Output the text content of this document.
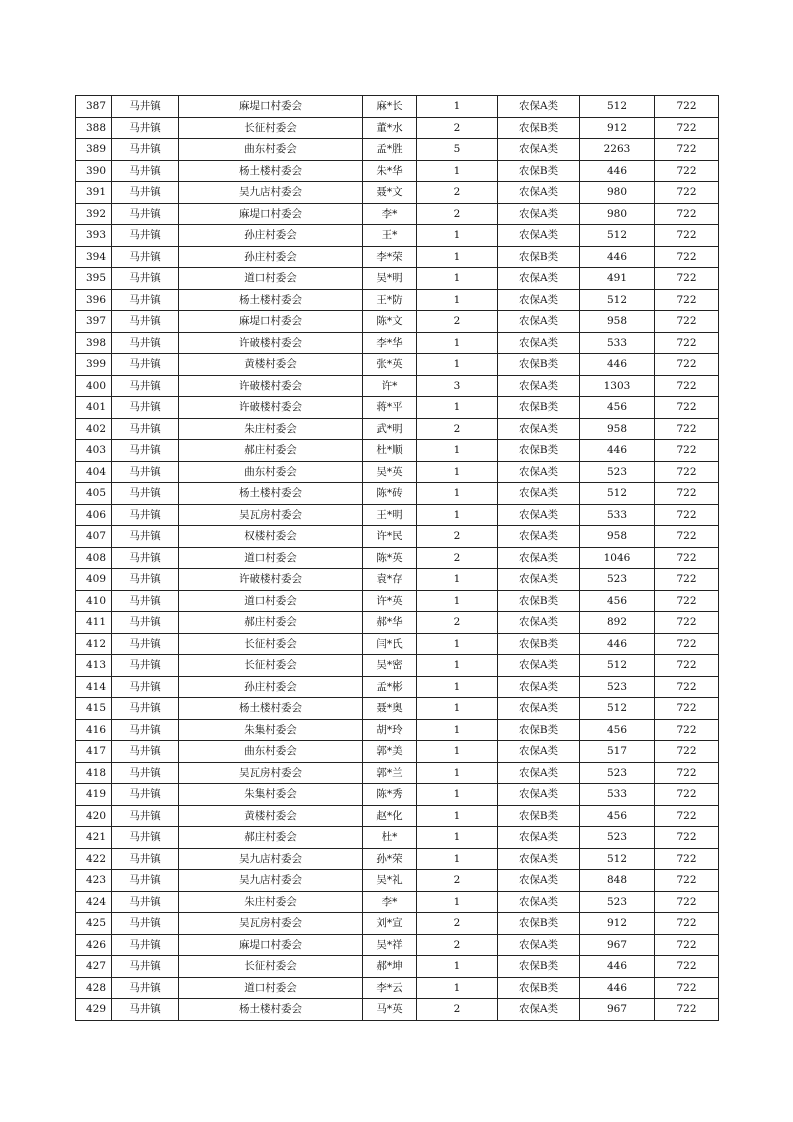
387	马井镇	麻堤口村委会	麻*长	1	农保A类	512	722
388	马井镇	长征村委会	董*水	2	农保B类	912	722
389	马井镇	曲东村委会	孟*胜	5	农保A类	2263	722
390	马井镇	杨土楼村委会	朱*华	1	农保B类	446	722
391	马井镇	吴九店村委会	聂*文	2	农保A类	980	722
392	马井镇	麻堤口村委会	李*	2	农保A类	980	722
393	马井镇	孙庄村委会	王*	1	农保A类	512	722
394	马井镇	孙庄村委会	李*荣	1	农保B类	446	722
395	马井镇	道口村委会	吴*明	1	农保A类	491	722
396	马井镇	杨土楼村委会	王*防	1	农保A类	512	722
397	马井镇	麻堤口村委会	陈*文	2	农保A类	958	722
398	马井镇	许破楼村委会	李*华	1	农保A类	533	722
399	马井镇	黄楼村委会	张*英	1	农保B类	446	722
400	马井镇	许破楼村委会	许*	3	农保A类	1303	722
401	马井镇	许破楼村委会	蒋*平	1	农保B类	456	722
402	马井镇	朱庄村委会	武*明	2	农保A类	958	722
403	马井镇	郝庄村委会	杜*顺	1	农保B类	446	722
404	马井镇	曲东村委会	吴*英	1	农保A类	523	722
405	马井镇	杨土楼村委会	陈*砖	1	农保A类	512	722
406	马井镇	吴瓦房村委会	王*明	1	农保A类	533	722
407	马井镇	权楼村委会	许*民	2	农保A类	958	722
408	马井镇	道口村委会	陈*英	2	农保A类	1046	722
409	马井镇	许破楼村委会	袁*存	1	农保A类	523	722
410	马井镇	道口村委会	许*英	1	农保B类	456	722
411	马井镇	郝庄村委会	郝*华	2	农保A类	892	722
412	马井镇	长征村委会	闫*氏	1	农保B类	446	722
413	马井镇	长征村委会	吴*密	1	农保A类	512	722
414	马井镇	孙庄村委会	孟*彬	1	农保A类	523	722
415	马井镇	杨土楼村委会	聂*奥	1	农保A类	512	722
416	马井镇	朱集村委会	胡*玲	1	农保B类	456	722
417	马井镇	曲东村委会	郭*美	1	农保A类	517	722
418	马井镇	吴瓦房村委会	郭*兰	1	农保A类	523	722
419	马井镇	朱集村委会	陈*秀	1	农保A类	533	722
420	马井镇	黄楼村委会	赵*化	1	农保B类	456	722
421	马井镇	郝庄村委会	杜*	1	农保A类	523	722
422	马井镇	吴九店村委会	孙*荣	1	农保A类	512	722
423	马井镇	吴九店村委会	吴*礼	2	农保A类	848	722
424	马井镇	朱庄村委会	李*	1	农保A类	523	722
425	马井镇	吴瓦房村委会	刘*宣	2	农保B类	912	722
426	马井镇	麻堤口村委会	吴*祥	2	农保A类	967	722
427	马井镇	长征村委会	郝*坤	1	农保B类	446	722
428	马井镇	道口村委会	李*云	1	农保B类	446	722
429	马井镇	杨土楼村委会	马*英	2	农保A类	967	722
